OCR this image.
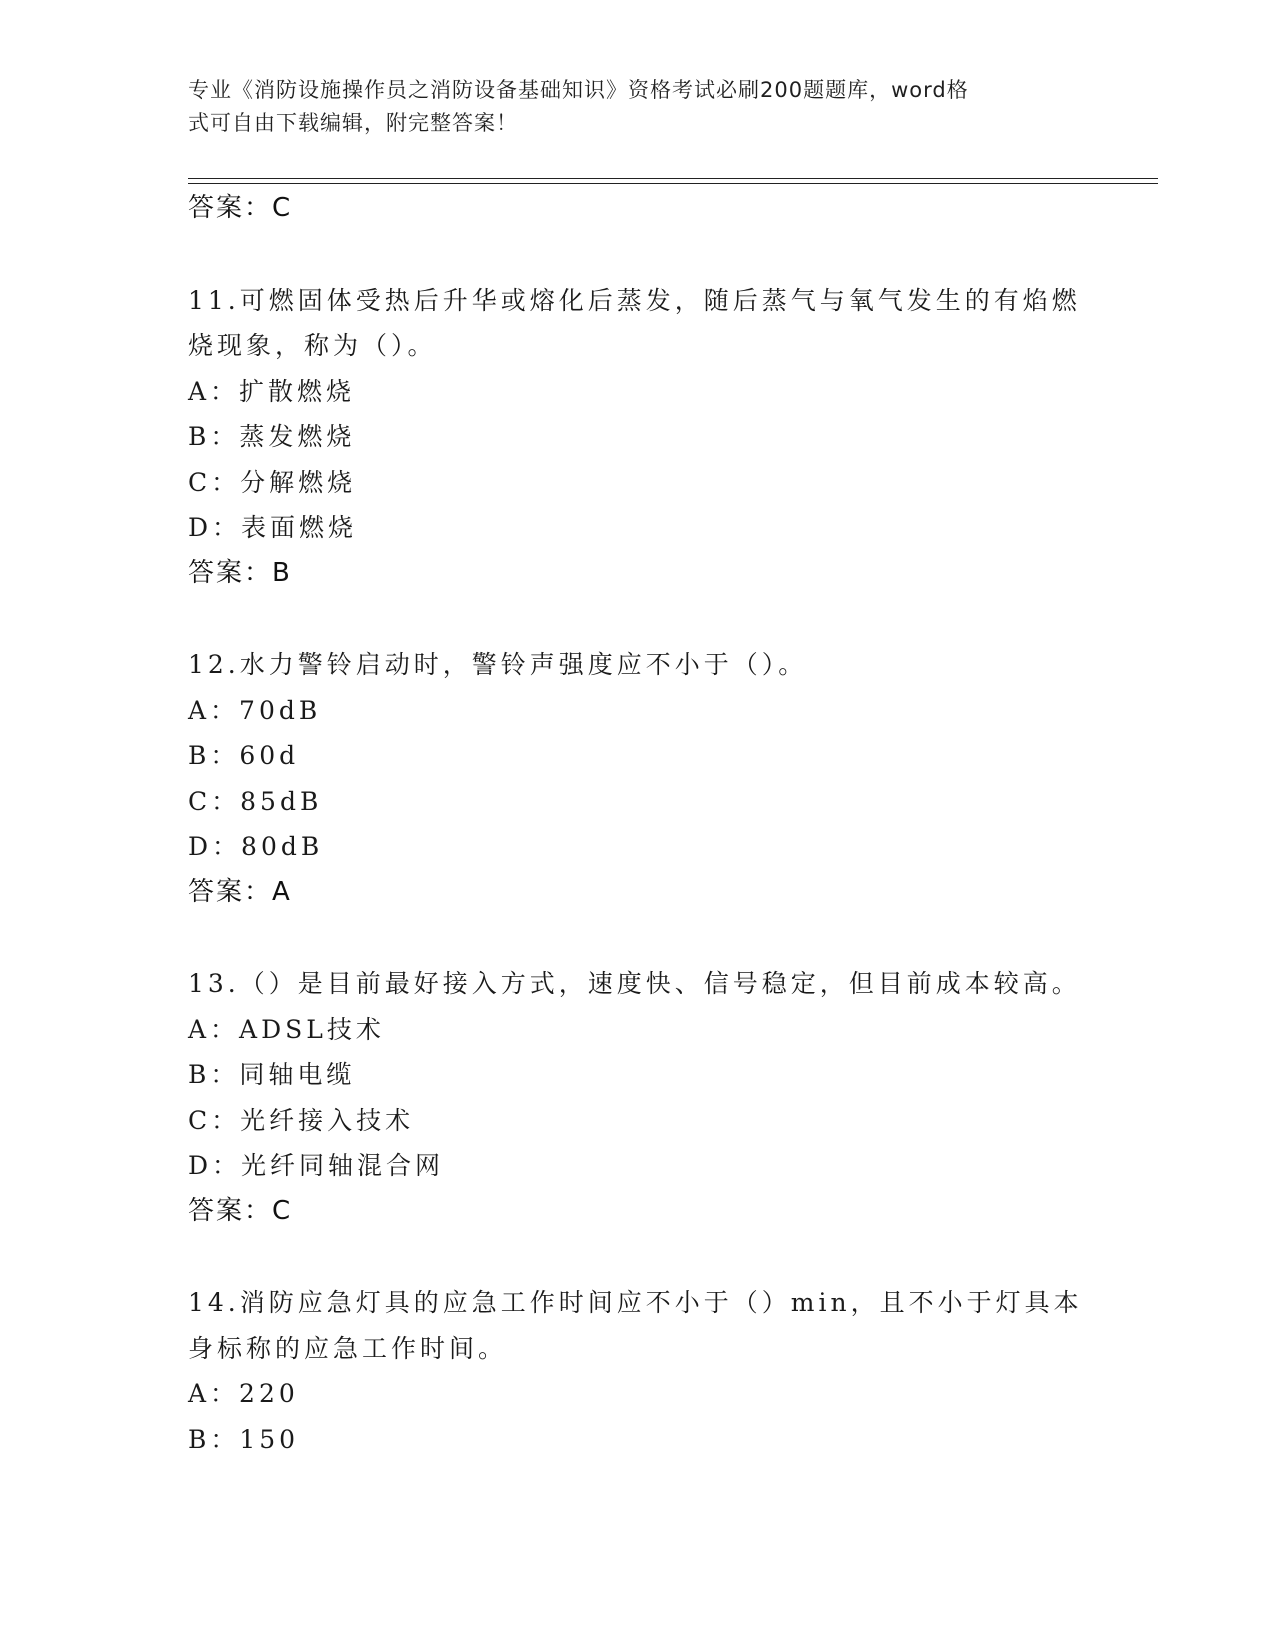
专业《消防设施操作员之消防设备基础知识》资格考试必刷200题题库，word格
式可自由下载编辑，附完整答案！
答案：C
11.可燃固体受热后升华或熔化后蒸发，随后蒸气与氧气发生的有焰燃
烧现象，称为（）。
A：扩散燃烧
B：蒸发燃烧
C：分解燃烧
D：表面燃烧
答案：B
12.水力警铃启动时，警铃声强度应不小于（）。
A：70dB
B：60d
C：85dB
D：80dB
答案：A
13.（）是目前最好接入方式，速度快、信号稳定，但目前成本较高。
A：ADSL技术
B：同轴电缆
C：光纤接入技术
D：光纤同轴混合网
答案：C
14.消防应急灯具的应急工作时间应不小于（）min，且不小于灯具本
身标称的应急工作时间。
A：220
B：150
